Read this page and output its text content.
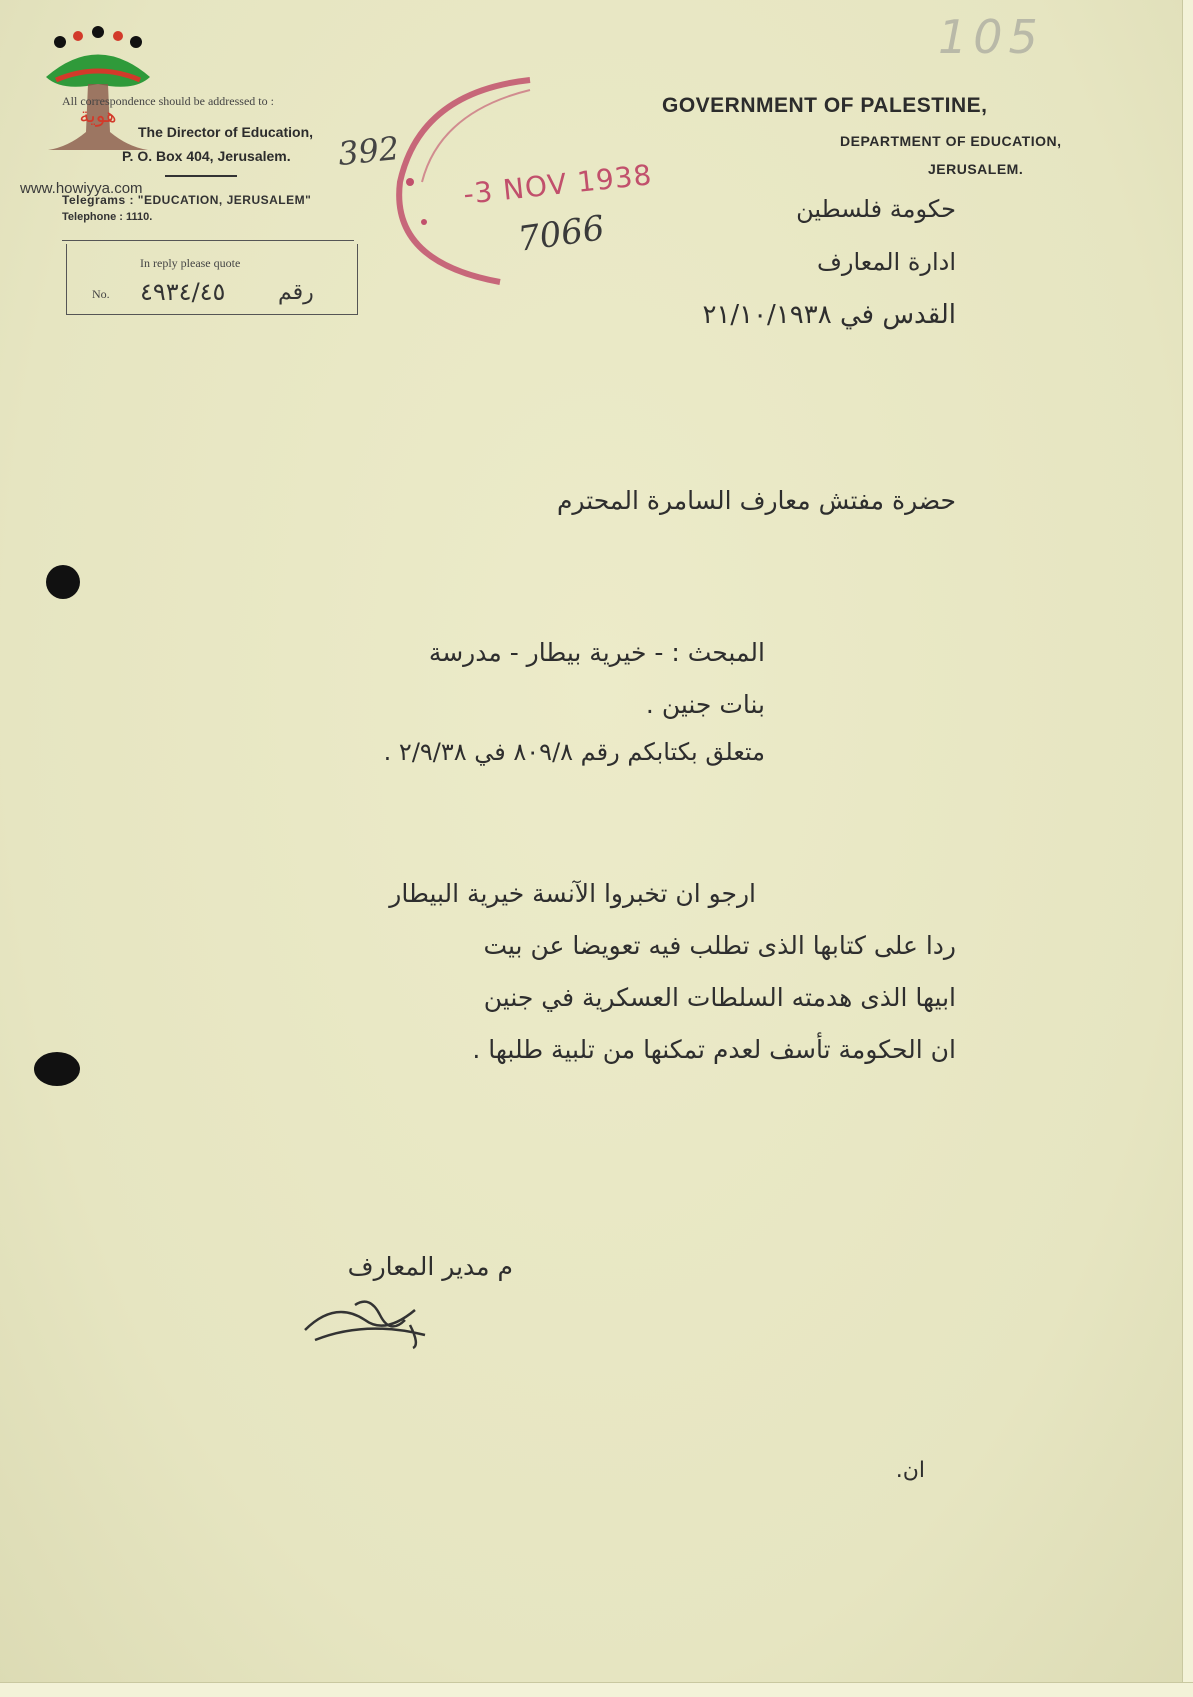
105
هوية
www.howiyya.com
All correspondence should be addressed to :
The Director of Education,
P. O. Box 404, Jerusalem.
Telegrams : "EDUCATION, JERUSALEM"
Telephone : 1110.
In reply please quote
No. ٤٩٣٤/٤٥ رقم
392
-3 NOV 1938
7066
GOVERNMENT OF PALESTINE,
DEPARTMENT OF EDUCATION,
JERUSALEM.
حكومة فلسطين
ادارة المعارف
القدس في ٢١/١٠/١٩٣٨
حضرة مفتش معارف السامرة المحترم
المبحث : - خيرية بيطار - مدرسة
بنات جنين .
متعلق بكتابكم رقم ٨٠٩/٨ في ٢/٩/٣٨ .
ارجو ان تخبروا الآنسة خيرية البيطار
ردا على كتابها الذى تطلب فيه تعويضا عن بيت
ابيها الذى هدمته السلطات العسكرية في جنين
ان الحكومة تأسف لعدم تمكنها من تلبية طلبها .
م مدير المعارف
ان.
